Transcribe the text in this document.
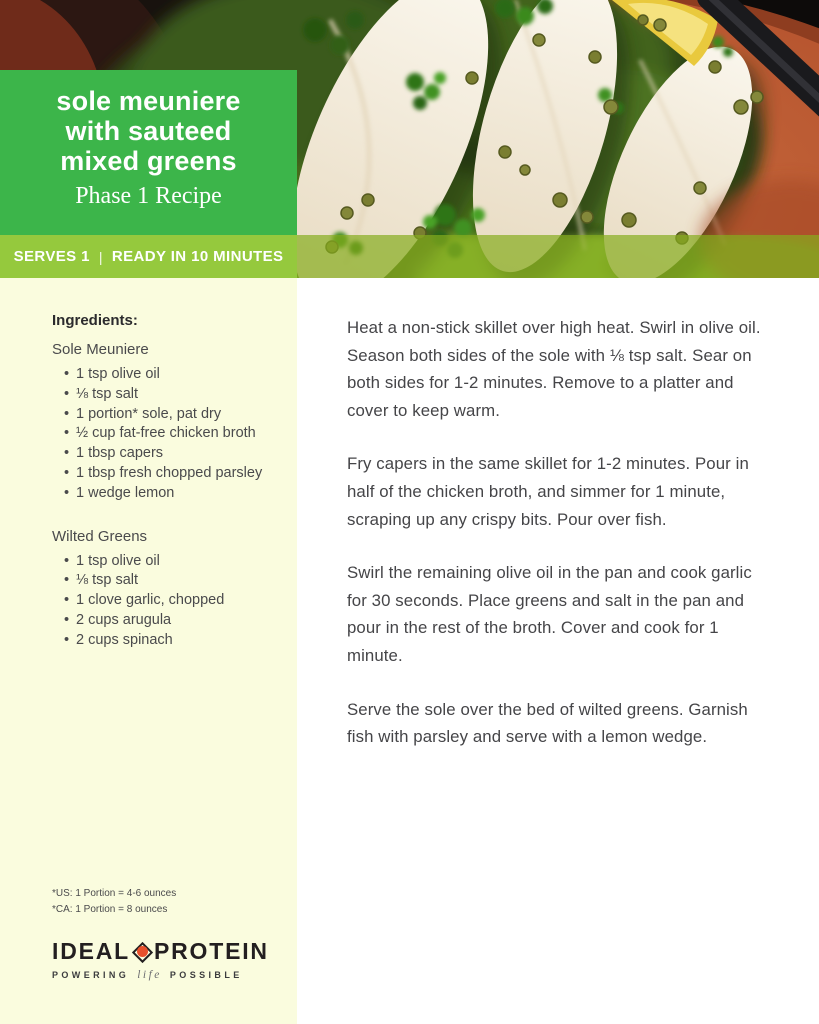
sole meuniere
with sauteed
mixed greens
Phase 1 Recipe
SERVES 1 | READY IN 10 MINUTES
Ingredients:
Sole Meuniere
• 1 tsp olive oil
• ⅛ tsp salt
• 1 portion* sole, pat dry
• ½ cup fat-free chicken broth
• 1 tbsp capers
• 1 tbsp fresh chopped parsley
• 1 wedge lemon
Wilted Greens
• 1 tsp olive oil
• ⅛ tsp salt
• 1 clove garlic, chopped
• 2 cups arugula
• 2 cups spinach
*US: 1 Portion = 4-6 ounces
*CA: 1 Portion = 8 ounces
IDEAL PROTEIN
POWERING life POSSIBLE

Heat a non-stick skillet over high heat. Swirl in olive oil. Season both sides of the sole with ⅛ tsp salt. Sear on both sides for 1-2 minutes. Remove to a platter and cover to keep warm.

Fry capers in the same skillet for 1-2 minutes. Pour in half of the chicken broth, and simmer for 1 minute, scraping up any crispy bits. Pour over fish.

Swirl the remaining olive oil in the pan and cook garlic for 30 seconds. Place greens and salt in the pan and pour in the rest of the broth. Cover and cook for 1 minute.

Serve the sole over the bed of wilted greens. Garnish fish with parsley and serve with a lemon wedge.
